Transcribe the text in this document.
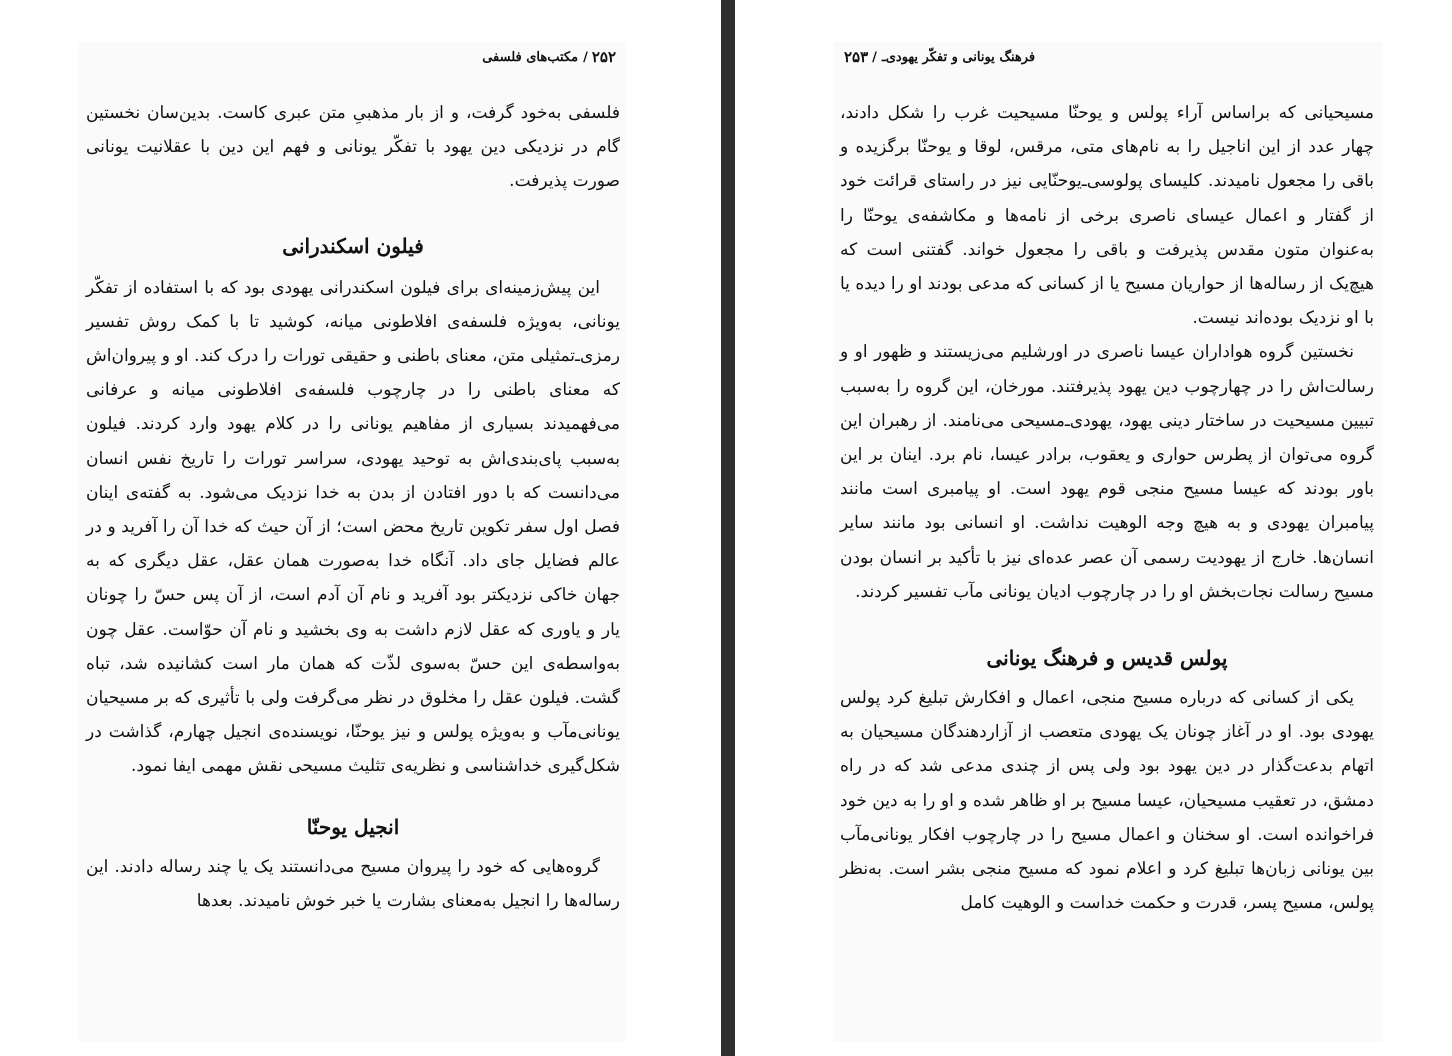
۲۵۲
/
مکتب‌های فلسفی

فلسفی به‌خود گرفت، و از بار مذهبیِ متن عبری کاست. بدین‌سان نخستین گام در نزدیکی دین یهود با تفکّر یونانی و فهم این دین با عقلانیت یونانی صورت پذیرفت.

فیلون اسکندرانی

این پیش‌زمینه‌ای برای فیلون اسکندرانی یهودی بود که با استفاده از تفکّر یونانی، به‌ویژه فلسفه‌ی افلاطونی میانه، کوشید تا با کمک روش تفسیر رمزی‌ـ‌تمثیلی متن، معنای باطنی و حقیقی تورات را درک کند. او و پیروان‌اش که معنای باطنی را در چارچوب فلسفه‌ی افلاطونی میانه و عرفانی می‌فهمیدند بسیاری از مفاهیم یونانی را در کلام یهود وارد کردند. فیلون به‌سبب پای‌بندی‌اش به توحید یهودی، سراسر تورات را تاریخ نفس انسان می‌دانست که با دور افتادن از بدن به خدا نزدیک می‌شود. به گفته‌ی اینان فصل اول سفر تکوین تاریخ محض است؛ از آن حیث که خدا آن را آفرید و در عالم فضایل جای داد. آنگاه خدا به‌صورت همان عقل، عقل دیگری که به جهان خاکی نزدیکتر بود آفرید و نام آن آدم است، از آن پس حسّ را چونان یار و یاوری که عقل لازم داشت به وی بخشید و نام آن حوّاست. عقل چون به‌واسطه‌ی این حسّ به‌سوی لذّت که همان مار است کشانیده شد، تباه گشت. فیلون عقل را مخلوق در نظر می‌گرفت ولی با تأثیری که بر مسیحیان یونانی‌مآب و به‌ویژه پولس و نیز یوحنّا، نویسنده‌ی انجیل چهارم، گذاشت در شکل‌گیری خداشناسی و نظریه‌ی تثلیث مسیحی نقش مهمی ایفا نمود.

انجیل یوحنّا

گروه‌هایی که خود را پیروان مسیح می‌دانستند یک یا چند رساله دادند. این رساله‌ها را انجیل به‌معنای بشارت یا خبر خوش نامیدند. بعدها

فرهنگ یونانی و تفکّر یهودی‌ـ
/
۲۵۳

مسیحیانی که براساس آراء پولس و یوحنّا مسیحیت غرب را شکل دادند، چهار عدد از این اناجیل را به نام‌های متی، مرقس، لوقا و یوحنّا برگزیده و باقی را مجعول نامیدند. کلیسای پولوسی‌ـ‌یوحنّایی نیز در راستای قرائت خود از گفتار و اعمال عیسای ناصری برخی از نامه‌ها و مکاشفه‌ی یوحنّا را به‌عنوان متون مقدس پذیرفت و باقی را مجعول خواند. گفتنی است که هیچ‌یک از رساله‌ها از حواریان مسیح یا از کسانی که مدعی بودند او را دیده یا با او نزدیک بوده‌اند نیست.

نخستین گروه هواداران عیسا ناصری در اورشلیم می‌زیستند و ظهور او و رسالت‌اش را در چهارچوب دین یهود پذیرفتند. مورخان، این گروه را به‌سبب تبیین مسیحیت در ساختار دینی یهود، یهودی‌ـ‌مسیحی می‌نامند. از رهبران این گروه می‌توان از پطرس حواری و یعقوب، برادر عیسا، نام برد. اینان بر این باور بودند که عیسا مسیح منجی قوم یهود است. او پیامبری است مانند پیامبران یهودی و به هیچ وجه الوهیت نداشت. او انسانی بود مانند سایر انسان‌ها. خارج از یهودیت رسمی آن عصر عده‌ای نیز با تأکید بر انسان بودن مسیح رسالت نجات‌بخش او را در چارچوب ادیان یونانی مآب تفسیر کردند.

پولس قدیس و فرهنگ یونانی

یکی از کسانی که درباره مسیح منجی، اعمال و افکارش تبلیغ کرد پولس یهودی بود. او در آغاز چونان یک یهودی متعصب از آزاردهندگان مسیحیان به اتهام بدعت‌گذار در دین یهود بود ولی پس از چندی مدعی شد که در راه دمشق، در تعقیب مسیحیان، عیسا مسیح بر او ظاهر شده و او را به دین خود فراخوانده است. او سخنان و اعمال مسیح را در چارچوب افکار یونانی‌مآب بین یونانی زبان‌ها تبلیغ کرد و اعلام نمود که مسیح منجی بشر است. به‌نظر پولس، مسیح پسر، قدرت و حکمت خداست و الوهیت کامل
